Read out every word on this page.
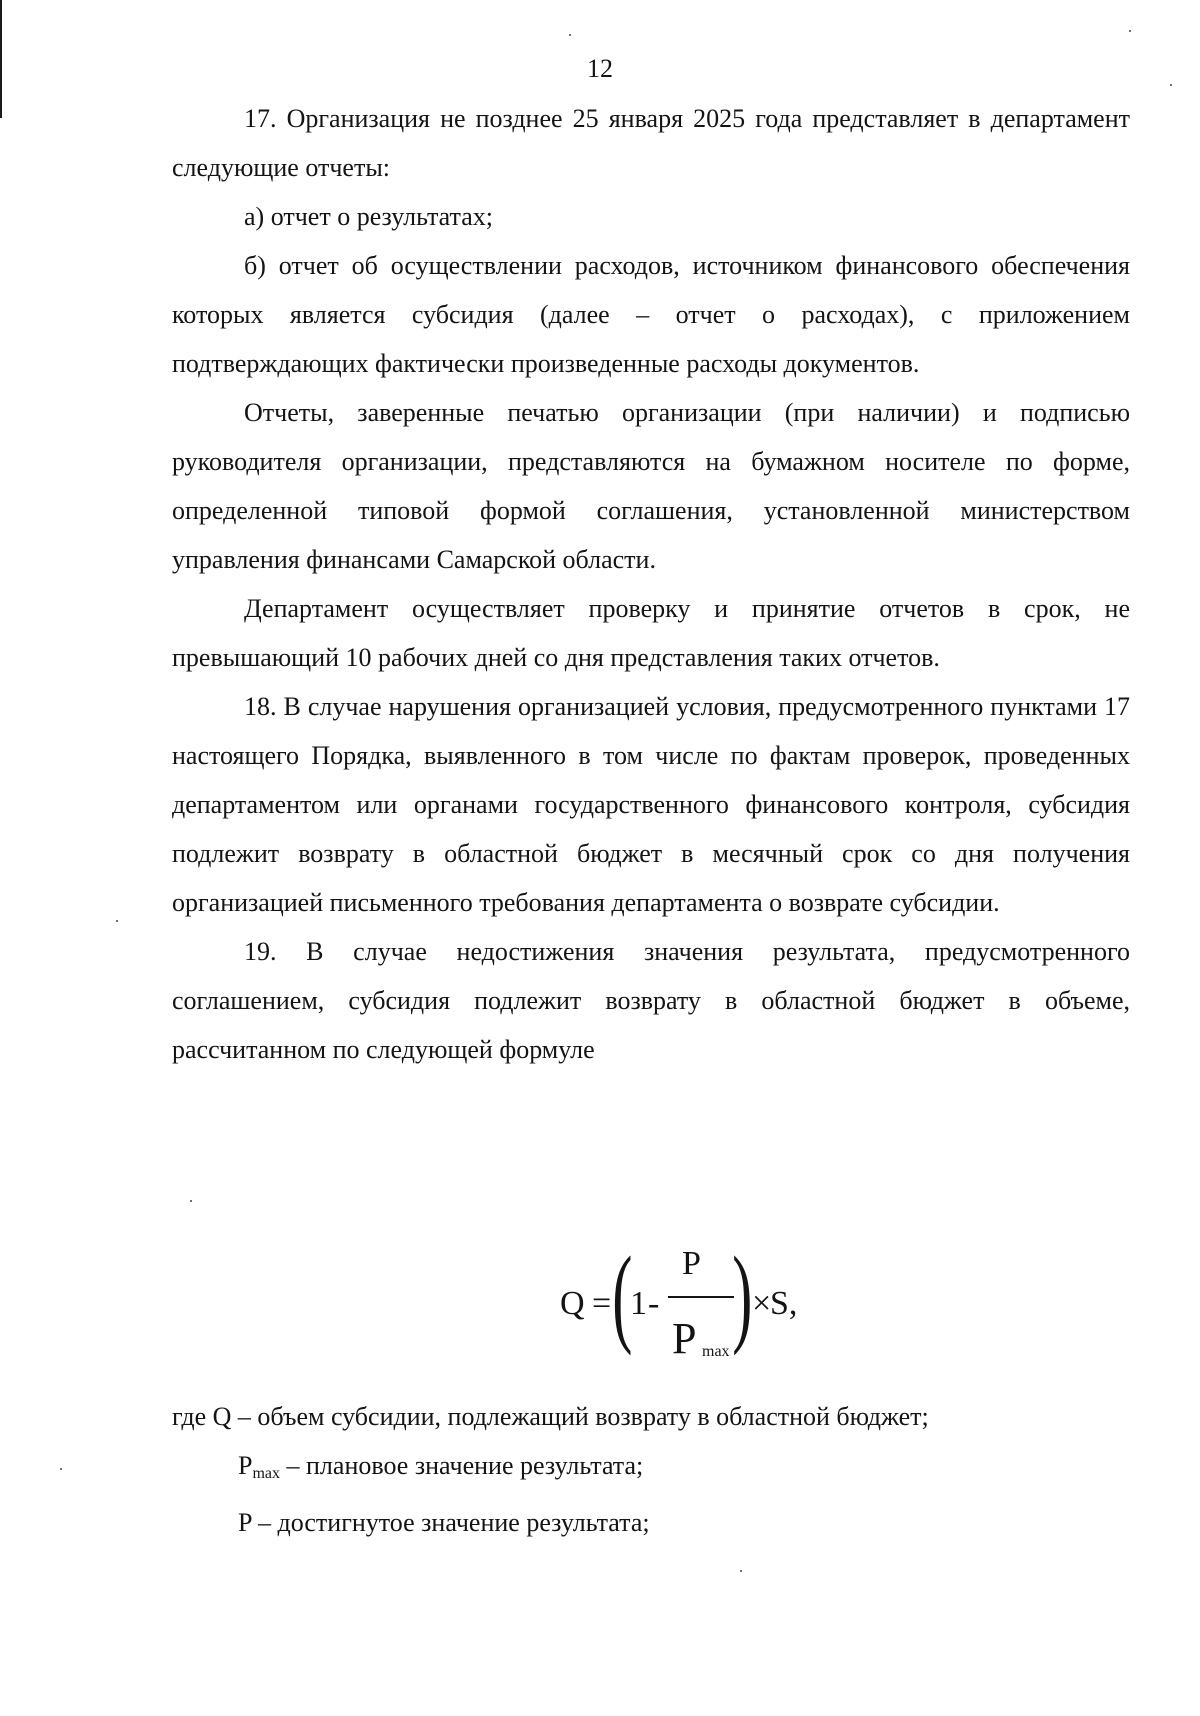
12

17. Организация не позднее 25 января 2025 года представляет в департамент следующие отчеты:

а) отчет о результатах;

б) отчет об осуществлении расходов, источником финансового обеспечения которых является субсидия (далее – отчет о расходах), с приложением подтверждающих фактически произведенные расходы документов.

Отчеты, заверенные печатью организации (при наличии) и подписью руководителя организации, представляются на бумажном носителе по форме, определенной типовой формой соглашения, установленной министерством управления финансами Самарской области.

Департамент осуществляет проверку и принятие отчетов в срок, не превышающий 10 рабочих дней со дня представления таких отчетов.

18. В случае нарушения организацией условия, предусмотренного пунктами 17 настоящего Порядка, выявленного в том числе по фактам проверок, проведенных департаментом или органами государственного финансового контроля, субсидия подлежит возврату в областной бюджет в месячный срок со дня получения организацией письменного требования департамента о возврате субсидии.

19. В случае недостижения значения результата, предусмотренного соглашением, субсидия подлежит возврату в областной бюджет в объеме, рассчитанном по следующей формуле

Q = (
1 -
P
P max ) ×
S,

где Q – объем субсидии, подлежащий возврату в областной бюджет;

$P_{max}$ – плановое значение результата;

P – достигнутое значение результата;
